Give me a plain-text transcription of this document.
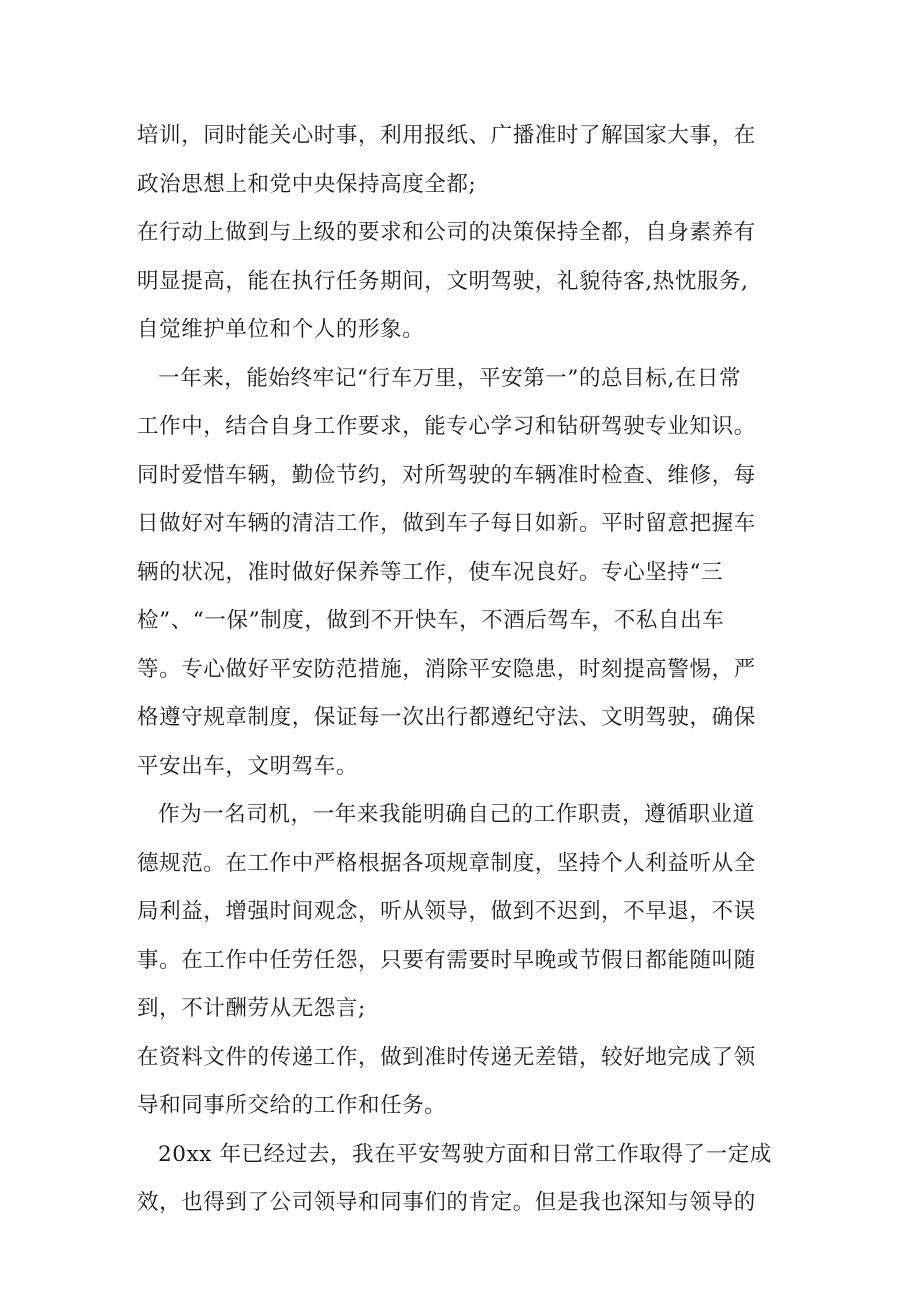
培训，同时能关心时事，利用报纸、广播准时了解国家大事，在
政治思想上和党中央保持高度全都;
在行动上做到与上级的要求和公司的决策保持全都，自身素养有
明显提高，能在执行任务期间，文明驾驶，礼貌待客,热忱服务,
自觉维护单位和个人的形象。
一年来，能始终牢记“行车万里，平安第一”的总目标,在日常
工作中，结合自身工作要求，能专心学习和钻研驾驶专业知识。
同时爱惜车辆，勤俭节约，对所驾驶的车辆准时检查、维修，每
日做好对车辆的清洁工作，做到车子每日如新。平时留意把握车
辆的状况，准时做好保养等工作，使车况良好。专心坚持“三
检”、“一保”制度，做到不开快车，不酒后驾车，不私自出车
等。专心做好平安防范措施，消除平安隐患，时刻提高警惕，严
格遵守规章制度，保证每一次出行都遵纪守法、文明驾驶，确保
平安出车，文明驾车。
作为一名司机，一年来我能明确自己的工作职责，遵循职业道
德规范。在工作中严格根据各项规章制度，坚持个人利益听从全
局利益，增强时间观念，听从领导，做到不迟到，不早退，不误
事。在工作中任劳任怨，只要有需要时早晚或节假日都能随叫随
到，不计酬劳从无怨言;
在资料文件的传递工作，做到准时传递无差错，较好地完成了领
导和同事所交给的工作和任务。
20xx 年已经过去，我在平安驾驶方面和日常工作取得了一定成
效，也得到了公司领导和同事们的肯定。但是我也深知与领导的
